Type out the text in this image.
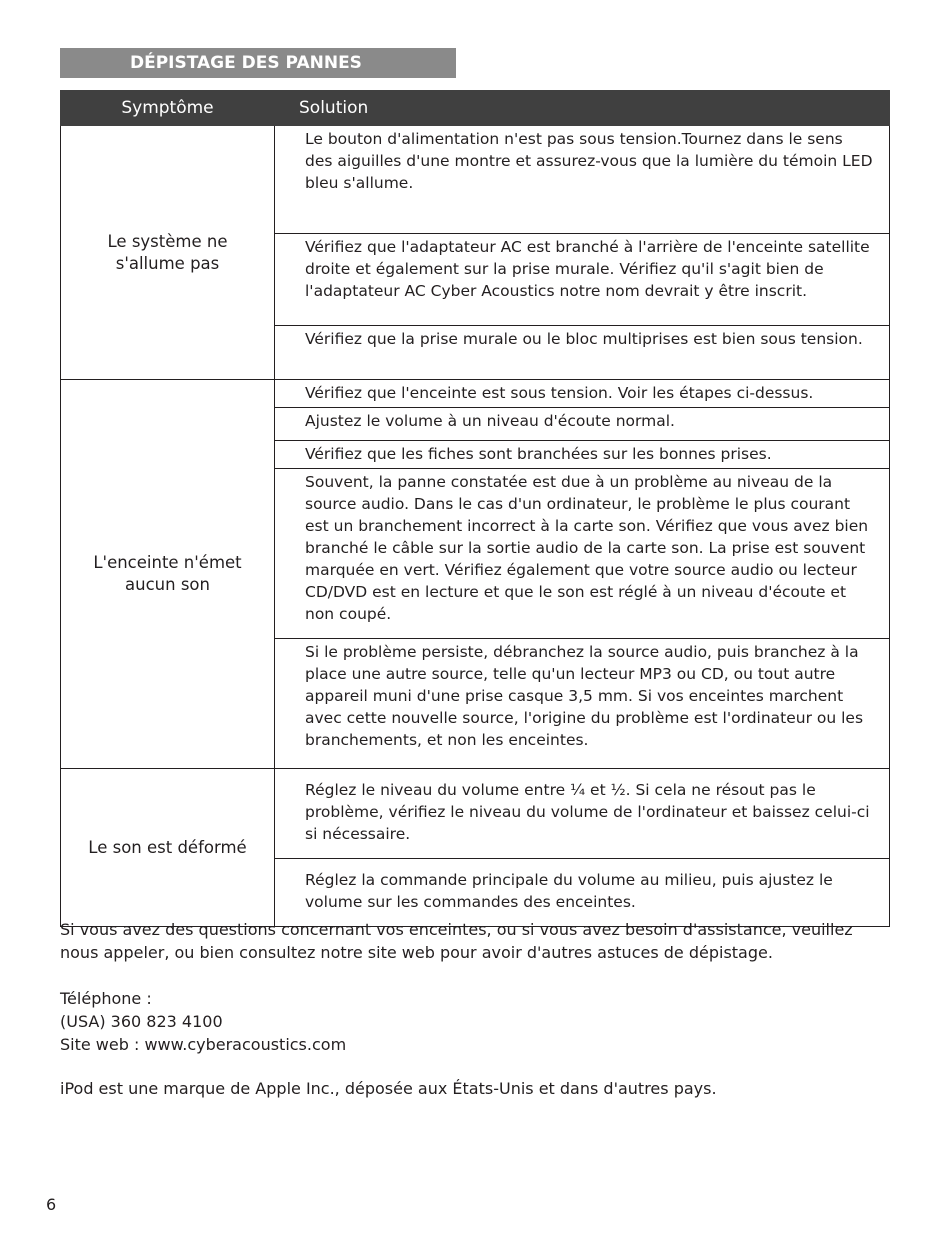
DÉPISTAGE DES PANNES
Symptôme	Solution
Le système ne s'allume pas	Le bouton d'alimentation n'est pas sous tension.Tournez dans le sens des aiguilles d'une montre et assurez-vous que la lumière du témoin LED bleu s'allume.
	Vérifiez que l'adaptateur AC est branché à l'arrière de l'enceinte satellite droite et également sur la prise murale. Vérifiez qu'il s'agit bien de l'adaptateur AC Cyber Acoustics notre nom devrait y être inscrit.
	Vérifiez que la prise murale ou le bloc multiprises est bien sous tension.
L'enceinte n'émet aucun son	Vérifiez que l'enceinte est sous tension. Voir les étapes ci-dessus.
	Ajustez le volume à un niveau d'écoute normal.
	Vérifiez que les fiches sont branchées sur les bonnes prises.
	Souvent, la panne constatée est due à un problème au niveau de la source audio. Dans le cas d'un ordinateur, le problème le plus courant est un branchement incorrect à la carte son. Vérifiez que vous avez bien branché le câble sur la sortie audio de la carte son. La prise est souvent marquée en vert. Vérifiez également que votre source audio ou lecteur CD/DVD est en lecture et que le son est réglé à un niveau d'écoute et non coupé.
	Si le problème persiste, débranchez la source audio, puis branchez à la place une autre source, telle qu'un lecteur MP3 ou CD, ou tout autre appareil muni d'une prise casque 3,5 mm. Si vos enceintes marchent avec cette nouvelle source, l'origine du problème est l'ordinateur ou les branchements, et non les enceintes.
Le son est déformé	Réglez le niveau du volume entre ¼ et ½. Si cela ne résout pas le problème, vérifiez le niveau du volume de l'ordinateur et baissez celui-ci si nécessaire.
	Réglez la commande principale du volume au milieu, puis ajustez le volume sur les commandes des enceintes.

Si vous avez des questions concernant vos enceintes, ou si vous avez besoin d'assistance, veuillez nous appeler, ou bien consultez notre site web pour avoir d'autres astuces de dépistage.

Téléphone :
(USA) 360 823 4100
Site web : www.cyberacoustics.com

iPod est une marque de Apple Inc., déposée aux États-Unis et dans d'autres pays.

6
